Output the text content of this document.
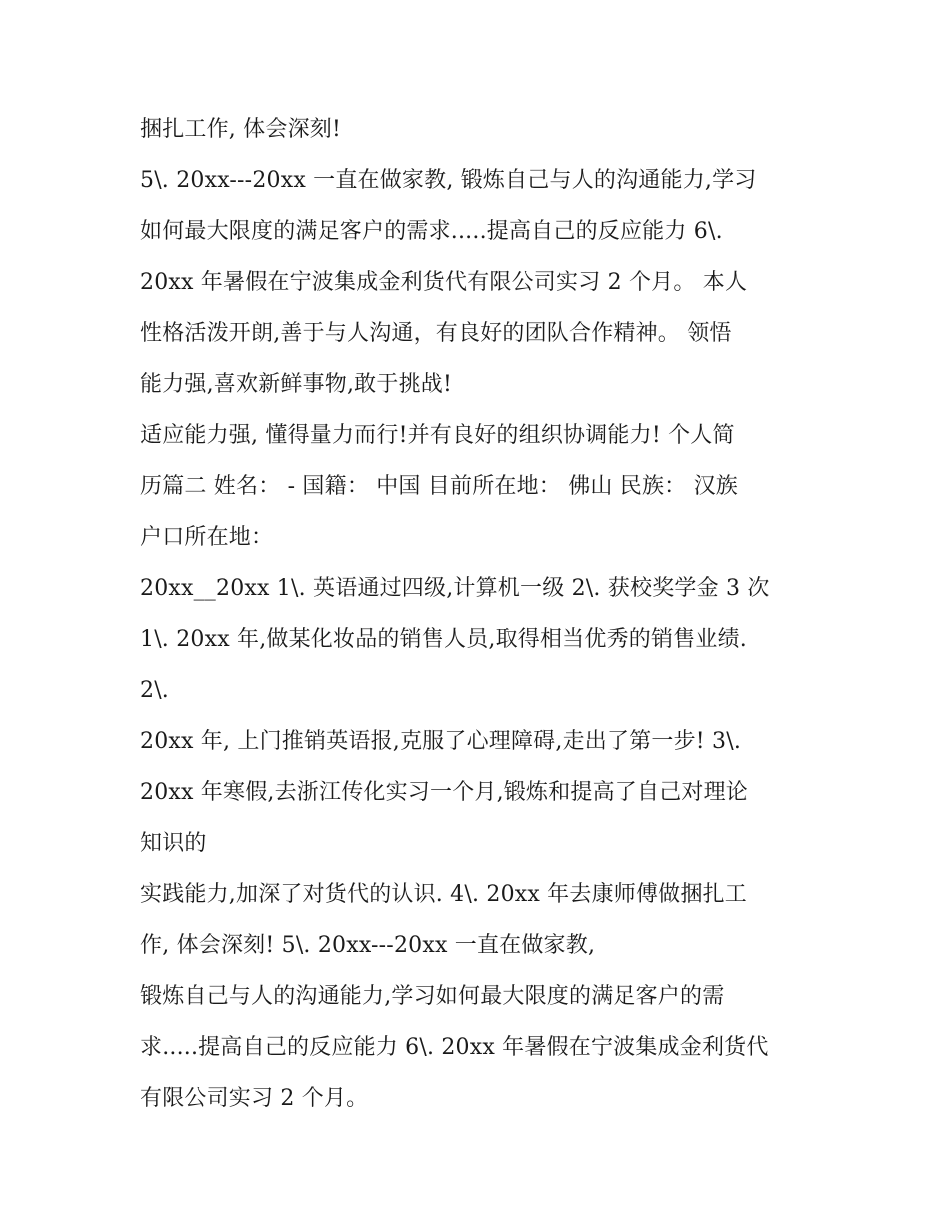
捆扎工作, 体会深刻!
5\. 20xx---20xx 一直在做家教, 锻炼自己与人的沟通能力,学习
如何最大限度的满足客户的需求.....提高自己的反应能力 6\.
20xx 年暑假在宁波集成金利货代有限公司实习 2 个月。 本人
性格活泼开朗,善于与人沟通，有良好的团队合作精神。 领悟
能力强,喜欢新鲜事物,敢于挑战!
适应能力强, 懂得量力而行!并有良好的组织协调能力! 个人简
历篇二 姓名： - 国籍： 中国 目前所在地： 佛山 民族： 汉族
户口所在地：
20xx__20xx 1\. 英语通过四级,计算机一级 2\. 获校奖学金 3 次
1\. 20xx 年,做某化妆品的销售人员,取得相当优秀的销售业绩.
2\.
20xx 年, 上门推销英语报,克服了心理障碍,走出了第一步! 3\.
20xx 年寒假,去浙江传化实习一个月,锻炼和提高了自己对理论
知识的
实践能力,加深了对货代的认识. 4\. 20xx 年去康师傅做捆扎工
作, 体会深刻! 5\. 20xx---20xx 一直在做家教,
锻炼自己与人的沟通能力,学习如何最大限度的满足客户的需
求.....提高自己的反应能力 6\. 20xx 年暑假在宁波集成金利货代
有限公司实习 2 个月。
